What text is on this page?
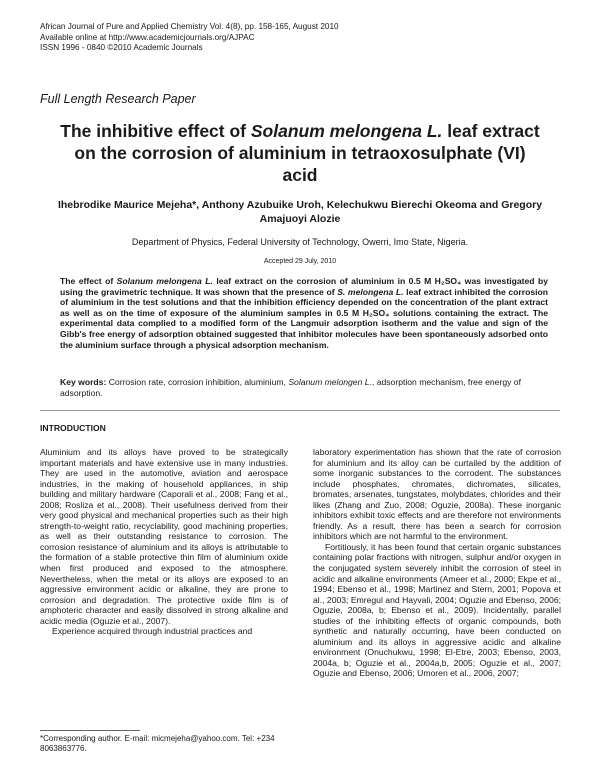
African Journal of Pure and Applied Chemistry Vol. 4(8), pp. 158-165, August 2010
Available online at http://www.academicjournals.org/AJPAC
ISSN 1996 - 0840 ©2010 Academic Journals
Full Length Research Paper
The inhibitive effect of Solanum melongena L. leaf extract on the corrosion of aluminium in tetraoxosulphate (VI) acid
Ihebrodike Maurice Mejeha*, Anthony Azubuike Uroh, Kelechukwu Bierechi Okeoma and Gregory Amajuoyi Alozie
Department of Physics, Federal University of Technology, Owerri, Imo State, Nigeria.
Accepted 29 July, 2010
The effect of Solanum melongena L. leaf extract on the corrosion of aluminium in 0.5 M H₂SO₄ was investigated by using the gravimetric technique. It was shown that the presence of S. melongena L. leaf extract inhibited the corrosion of aluminium in the test solutions and that the inhibition efficiency depended on the concentration of the plant extract as well as on the time of exposure of the aluminium samples in 0.5 M H₂SO₄ solutions containing the extract. The experimental data complied to a modified form of the Langmuir adsorption isotherm and the value and sign of the Gibb's free energy of adsorption obtained suggested that inhibitor molecules have been spontaneously adsorbed onto the aluminium surface through a physical adsorption mechanism.
Key words: Corrosion rate, corrosion inhibition, aluminium, Solanum melongen L., adsorption mechanism, free energy of adsorption.
INTRODUCTION

Aluminium and its alloys have proved to be strategically important materials and have extensive use in many industries. They are used in the automotive, aviation and aerospace industries, in the making of household appliances, in ship building and military hardware (Caporali et al., 2008; Fang et al., 2008; Rosliza et al., 2008). Their usefulness derived from their very good physical and mechanical properties such as their high strength-to-weight ratio, recyclability, good machining properties, as well as their outstanding resistance to corrosion. The corrosion resistance of aluminium and its alloys is attributable to the formation of a stable protective thin film of aluminium oxide when first produced and exposed to the atmosphere. Nevertheless, when the metal or its alloys are exposed to an aggressive environment acidic or alkaline, they are prone to corrosion and degradation. The protective oxide film is of amphoteric character and easily dissolved in strong alkaline and acidic media (Oguzie et al., 2007).

Experience acquired through industrial practices and

laboratory experimentation has shown that the rate of corrosion for aluminium and its alloy can be curtailed by the addition of some inorganic substances to the corrodent. The substances include phosphates, chromates, dichromates, silicates, bromates, arsenates, tungstates, molybdates, chlorides and their likes (Zhang and Zuo, 2008; Oguzie, 2008a). These inorganic inhibitors exhibit toxic effects and are therefore not environments friendly. As a result, there has been a search for corrosion inhibitors which are not harmful to the environment.

Fortitiously, it has been found that certain organic substances containing polar fractions with nitrogen, sulphur and/or oxygen in the conjugated system severely inhibit the corrosion of steel in acidic and alkaline environments (Ameer et al., 2000; Ekpe et al., 1994; Ebenso et al., 1998; Martinez and Stern, 2001; Popova et al., 2003; Emregul and Hayvali, 2004; Oguzie and Ebenso, 2006; Oguzie, 2008a, b; Ebenso et al., 2009). Incidentally, parallel studies of the inhibiting effects of organic compounds, both synthetic and naturally occurring, have been conducted on aluminium and its alloys in aggressive acidic and alkaline environment (Onuchukwu, 1998; El-Etre, 2003; Ebenso, 2003, 2004a, b; Oguzie et al., 2004a,b, 2005; Oguzie et al., 2007; Oguzie and Ebenso, 2006; Umoren et al., 2006, 2007;

*Corresponding author. E-mail: micmejeha@yahoo.com. Tel: +234 8063863776.
